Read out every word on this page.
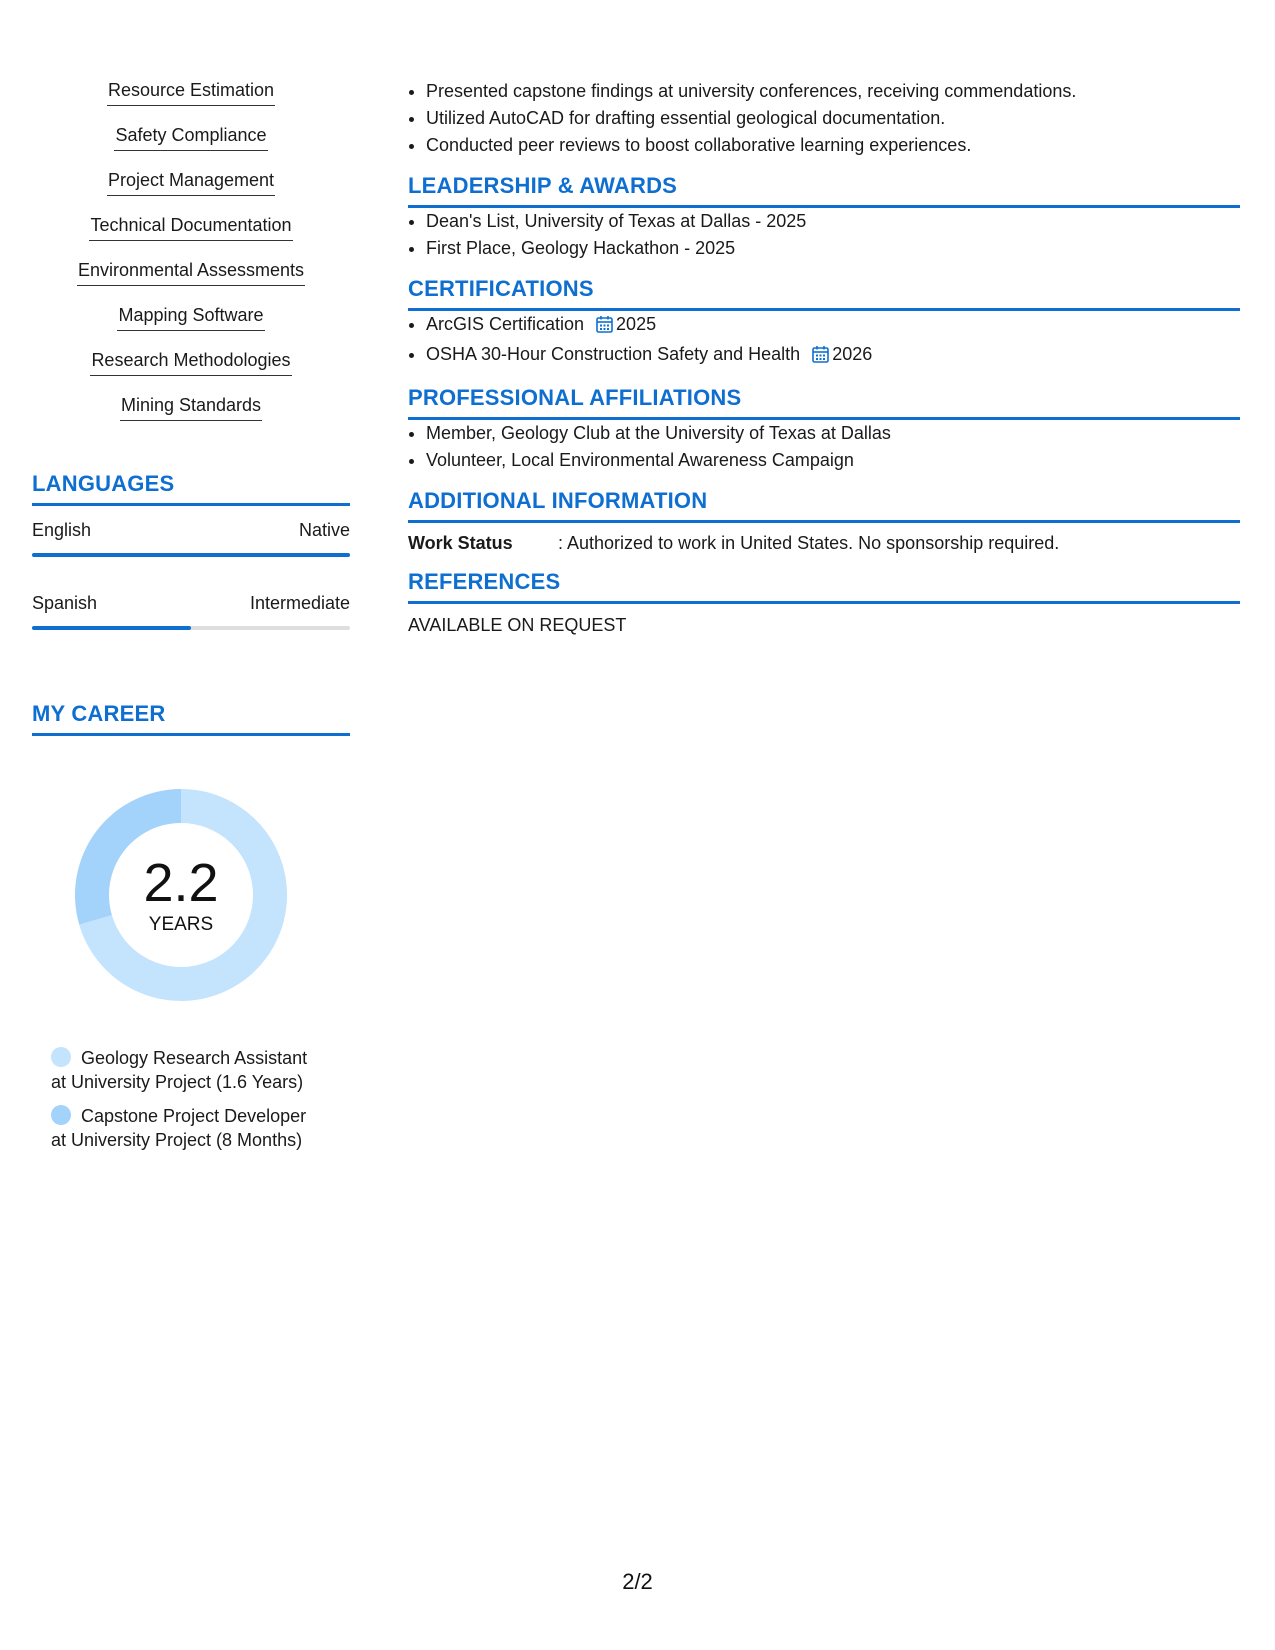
Resource Estimation
Safety Compliance
Project Management
Technical Documentation
Environmental Assessments
Mapping Software
Research Methodologies
Mining Standards
LANGUAGES
English	Native
Spanish	Intermediate
MY CAREER
2.2
YEARS
Geology Research Assistant
at University Project (1.6 Years)
Capstone Project Developer
at University Project (8 Months)
• Presented capstone findings at university conferences, receiving commendations.
• Utilized AutoCAD for drafting essential geological documentation.
• Conducted peer reviews to boost collaborative learning experiences.
LEADERSHIP & AWARDS
• Dean's List, University of Texas at Dallas - 2025
• First Place, Geology Hackathon - 2025
CERTIFICATIONS
• ArcGIS Certification 2025
• OSHA 30-Hour Construction Safety and Health 2026
PROFESSIONAL AFFILIATIONS
• Member, Geology Club at the University of Texas at Dallas
• Volunteer, Local Environmental Awareness Campaign
ADDITIONAL INFORMATION
Work Status	: Authorized to work in United States. No sponsorship required.
REFERENCES
AVAILABLE ON REQUEST
2/2
